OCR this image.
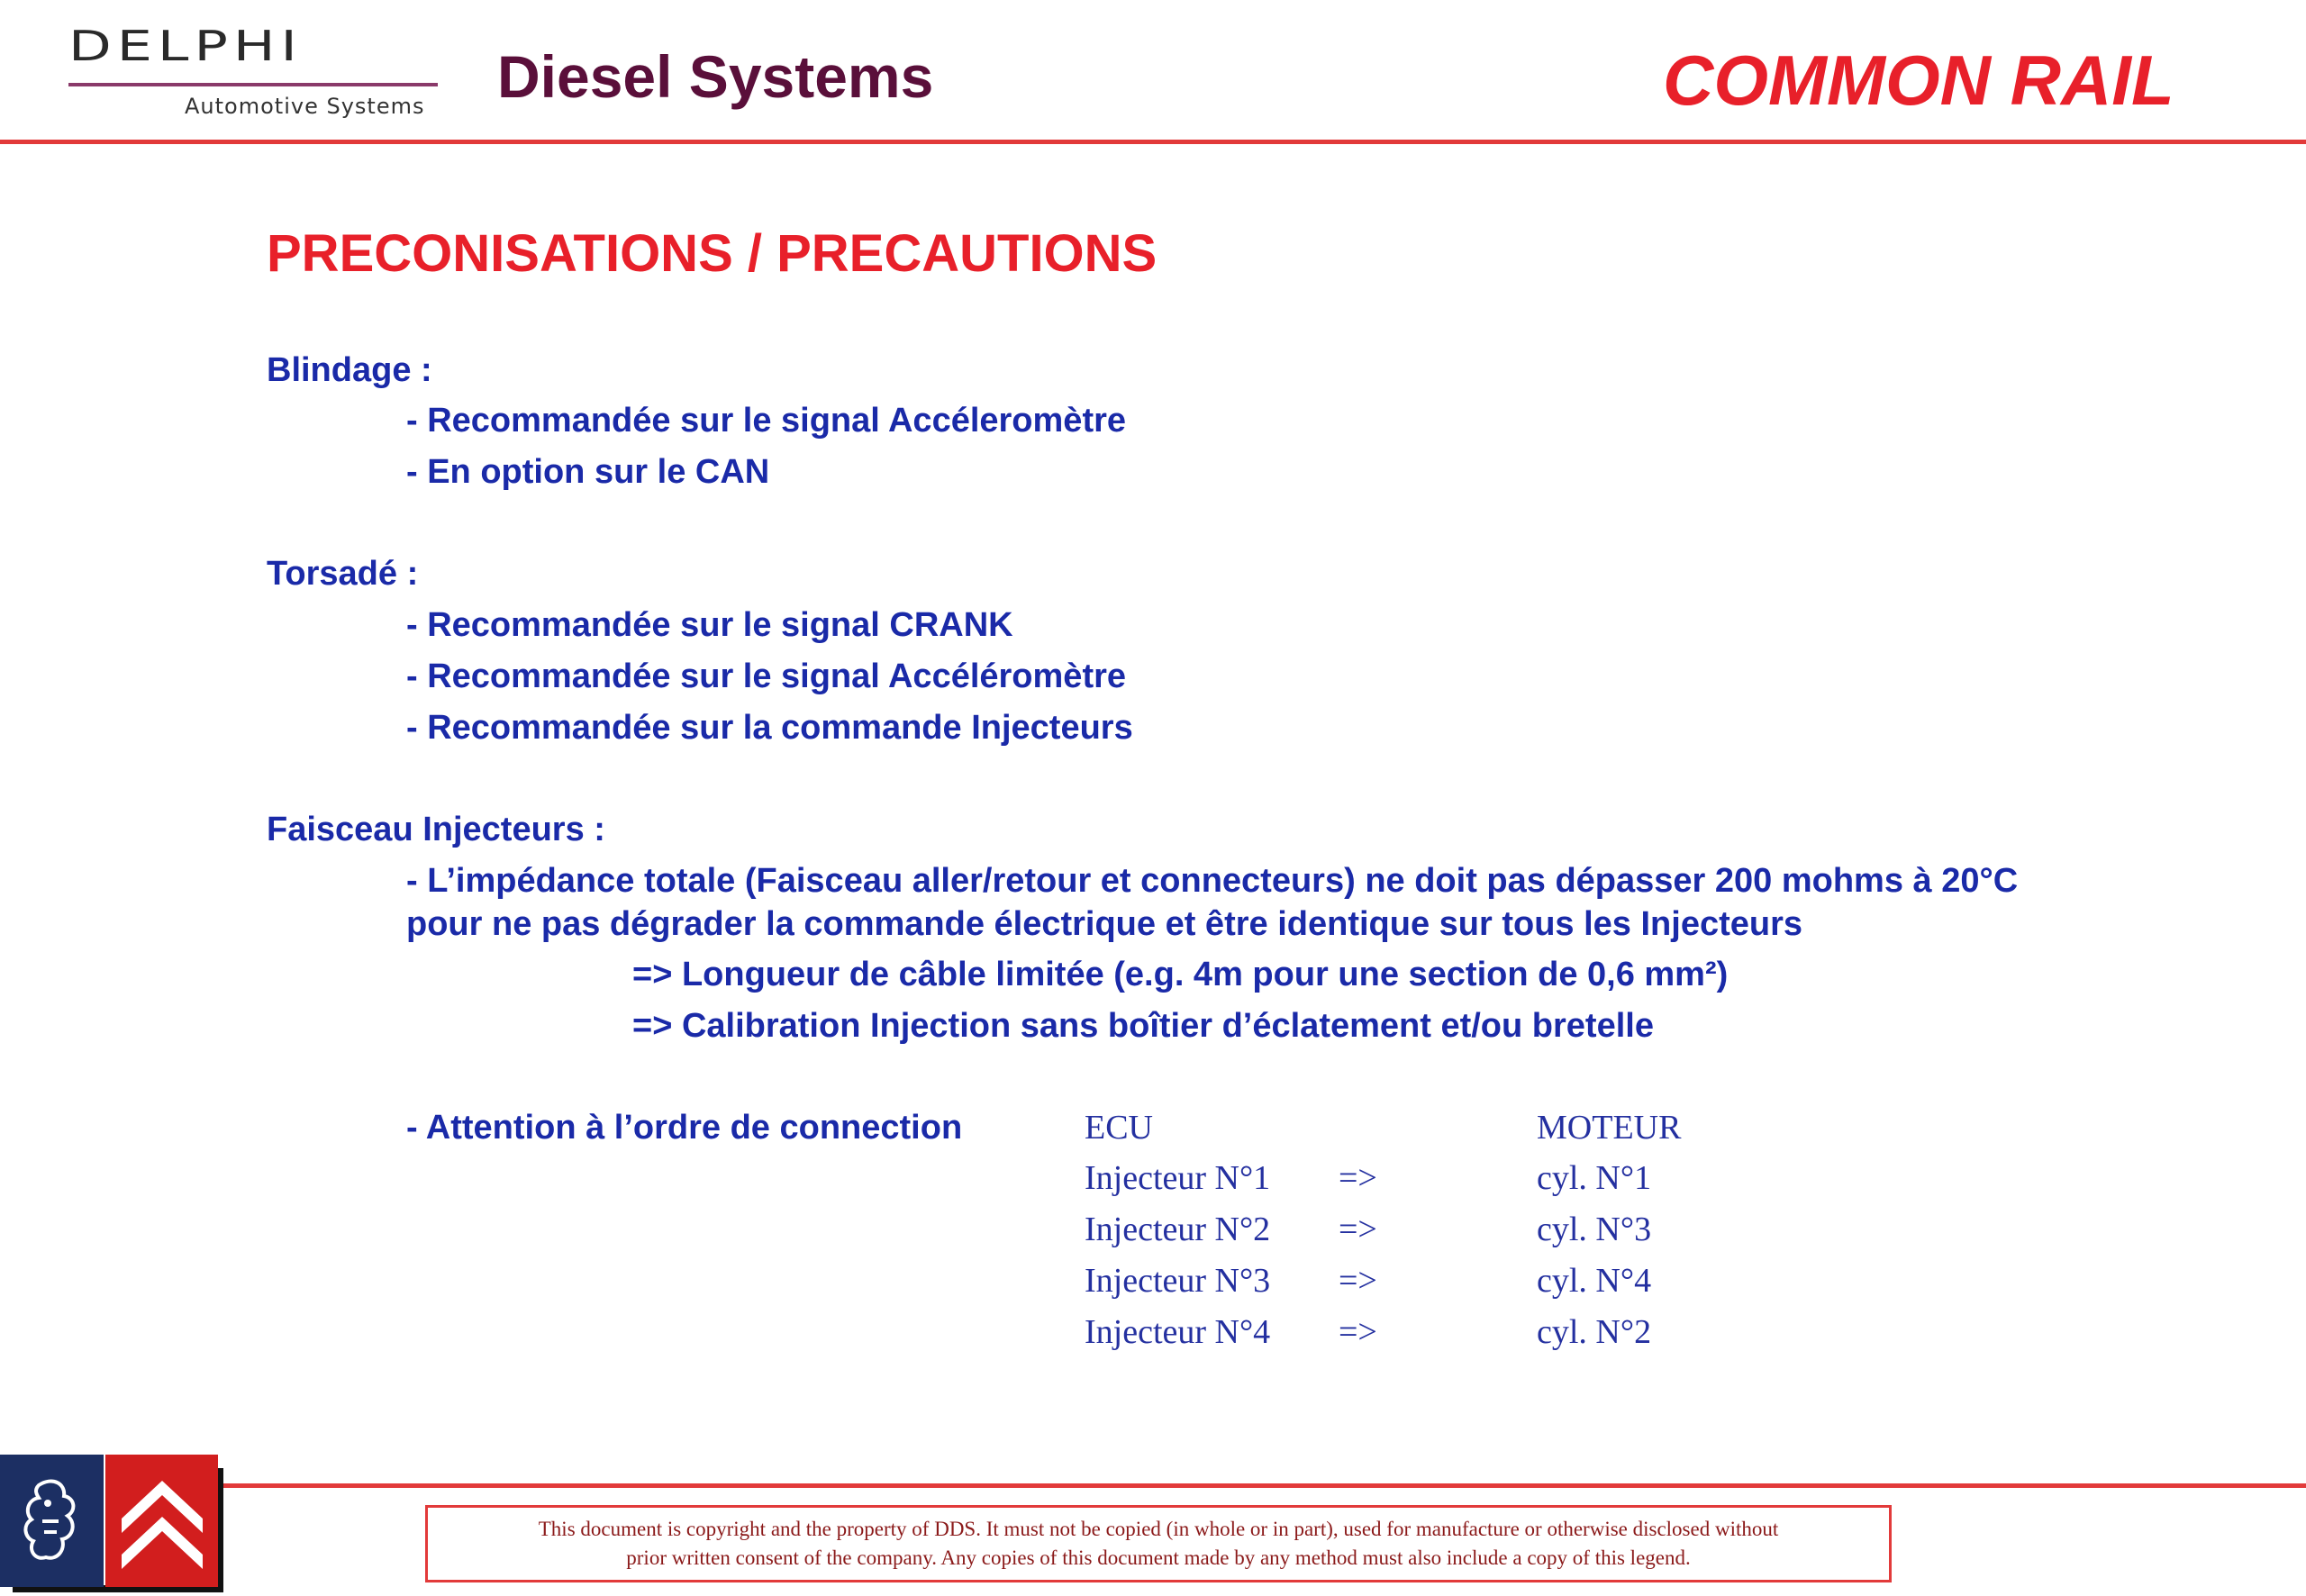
DELPHI
Automotive Systems Diesel Systems	COMMON RAIL
PRECONISATIONS / PRECAUTIONS
Blindage :
- Recommandée sur le signal Accéleromètre
- En option sur le CAN
Torsadé :
- Recommandée sur le signal CRANK
- Recommandée sur le signal Accéléromètre
- Recommandée sur la commande Injecteurs
Faisceau Injecteurs :
- L’impédance totale (Faisceau aller/retour et connecteurs) ne doit pas dépasser 200 mohms à 20°C
pour ne pas dégrader la commande électrique et être identique sur tous les Injecteurs
=> Longueur de câble limitée (e.g. 4m pour une section de 0,6 mm²)
=> Calibration Injection sans boîtier d’éclatement et/ou bretelle
- Attention à l’ordre de connection	ECU	MOTEUR
Injecteur N°1 =>	cyl. N°1
Injecteur N°2 =>	cyl. N°3
Injecteur N°3 =>	cyl. N°4
Injecteur N°4 =>	cyl. N°2
This document is copyright and the property of DDS. It must not be copied (in whole or in part), used for manufacture or otherwise disclosed without
prior written consent of the company. Any copies of this document made by any method must also include a copy of this legend.
